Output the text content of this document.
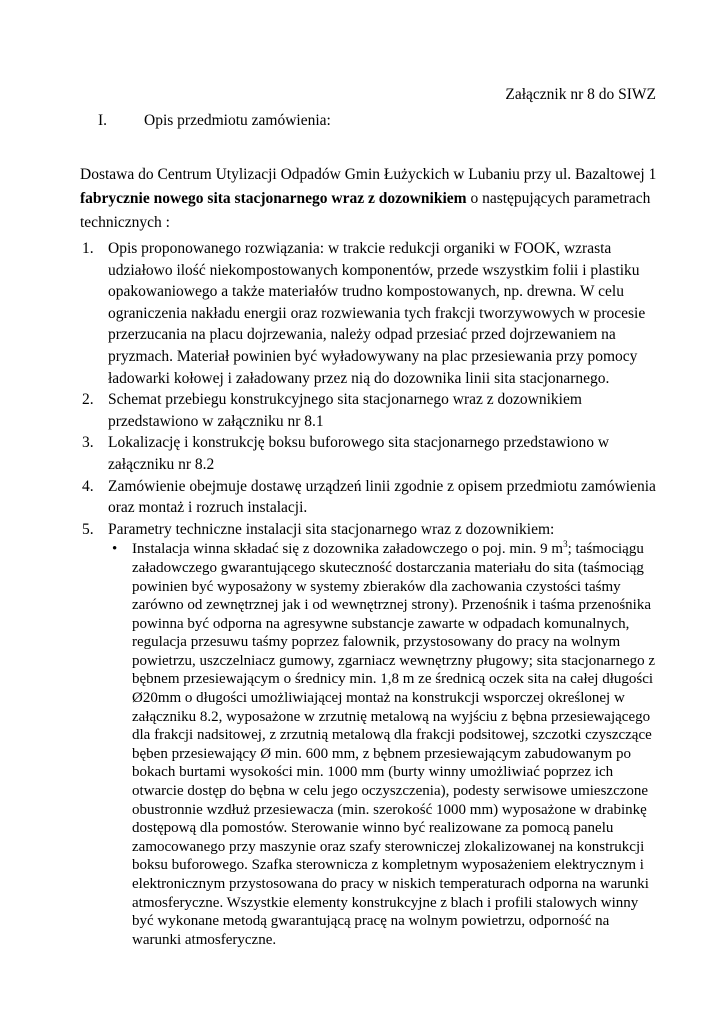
Załącznik nr 8 do SIWZ
I. Opis przedmiotu zamówienia:

Dostawa do Centrum Utylizacji Odpadów Gmin Łużyckich w Lubaniu przy ul. Bazaltowej 1

fabrycznie nowego sita stacjonarnego wraz z dozownikiem o następujących parametrach technicznych :

1. Opis proponowanego rozwiązania: w trakcie redukcji organiki w FOOK, wzrasta udziałowo ilość niekompostowanych komponentów, przede wszystkim folii i plastiku opakowaniowego a także materiałów trudno kompostowanych, np. drewna. W celu ograniczenia nakładu energii oraz rozwiewania tych frakcji tworzywowych w procesie przerzucania na placu dojrzewania, należy odpad przesiać przed dojrzewaniem na pryzmach. Materiał powinien być wyładowywany na plac przesiewania przy pomocy ładowarki kołowej i załadowany przez nią do dozownika linii sita stacjonarnego.
2. Schemat przebiegu konstrukcyjnego sita stacjonarnego wraz z dozownikiem przedstawiono w załączniku nr 8.1
3. Lokalizację i konstrukcję boksu buforowego sita stacjonarnego przedstawiono w załączniku nr 8.2
4. Zamówienie obejmuje dostawę urządzeń linii zgodnie z opisem przedmiotu zamówienia oraz montaż i rozruch instalacji.
5. Parametry techniczne instalacji sita stacjonarnego wraz z dozownikiem:
• Instalacja winna składać się z dozownika załadowczego o poj. min. 9 $m^3$; taśmociągu załadowczego gwarantującego skuteczność dostarczania materiału do sita (taśmociąg powinien być wyposażony w systemy zbieraków dla zachowania czystości taśmy zarówno od zewnętrznej jak i od wewnętrznej strony). Przenośnik i taśma przenośnika powinna być odporna na agresywne substancje zawarte w odpadach komunalnych, regulacja przesuwu taśmy poprzez falownik, przystosowany do pracy na wolnym powietrzu, uszczelniacz gumowy, zgarniacz wewnętrzny pługowy; sita stacjonarnego z bębnem przesiewającym o średnicy min. 1,8 m ze średnicą oczek sita na całej długości Ø20mm o długości umożliwiającej montaż na konstrukcji wsporczej określonej w załączniku 8.2, wyposażone w zrzutnię metalową na wyjściu z bębna przesiewającego dla frakcji nadsitowej, z zrzutnią metalową dla frakcji podsitowej, szczotki czyszczące bęben przesiewający Ø min. 600 mm, z bębnem przesiewającym zabudowanym po bokach burtami wysokości min. 1000 mm (burty winny umożliwiać poprzez ich otwarcie dostęp do bębna w celu jego oczyszczenia), podesty serwisowe umieszczone obustronnie wzdłuż przesiewacza (min. szerokość 1000 mm) wyposażone w drabinkę dostępową dla pomostów. Sterowanie winno być realizowane za pomocą panelu zamocowanego przy maszynie oraz szafy sterowniczej zlokalizowanej na konstrukcji boksu buforowego. Szafka sterownicza z kompletnym wyposażeniem elektrycznym i elektronicznym przystosowana do pracy w niskich temperaturach odporna na warunki atmosferyczne. Wszystkie elementy konstrukcyjne z blach i profili stalowych winny być wykonane metodą gwarantującą pracę na wolnym powietrzu, odporność na warunki atmosferyczne.
